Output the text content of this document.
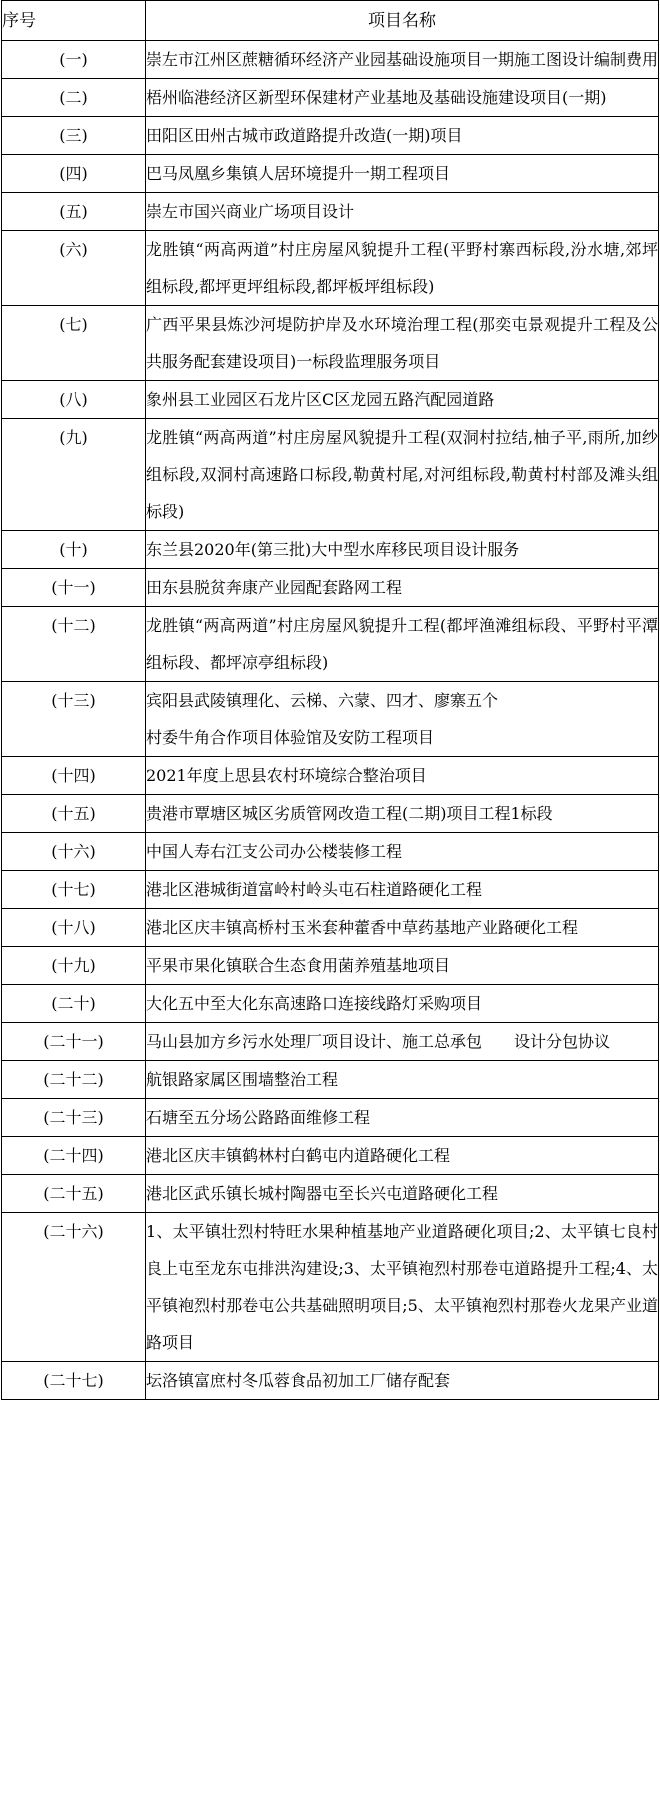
序号	项目名称
(一)	崇左市江州区蔗糖循环经济产业园基础设施项目一期施工图设计编制费用
(二)	梧州临港经济区新型环保建材产业基地及基础设施建设项目(一期)
(三)	田阳区田州古城市政道路提升改造(一期)项目
(四)	巴马凤凰乡集镇人居环境提升一期工程项目
(五)	崇左市国兴商业广场项目设计
(六)	龙胜镇“两高两道”村庄房屋风貌提升工程(平野村寨西标段,汾水塘,郊坪组标段,都坪更坪组标段,都坪板坪组标段)
(七)	广西平果县炼沙河堤防护岸及水环境治理工程(那奕屯景观提升工程及公共服务配套建设项目)一标段监理服务项目
(八)	象州县工业园区石龙片区C区龙园五路汽配园道路
(九)	龙胜镇“两高两道”村庄房屋风貌提升工程(双洞村拉结,柚子平,雨所,加纱组标段,双洞村高速路口标段,勒黄村尾,对河组标段,勒黄村村部及滩头组标段)
(十)	东兰县2020年(第三批)大中型水库移民项目设计服务
(十一)	田东县脱贫奔康产业园配套路网工程
(十二)	龙胜镇“两高两道”村庄房屋风貌提升工程(都坪渔滩组标段、平野村平潭组标段、都坪凉亭组标段)
(十三)	宾阳县武陵镇理化、云梯、六蒙、四才、廖寨五个
村委牛角合作项目体验馆及安防工程项目
(十四)	2021年度上思县农村环境综合整治项目
(十五)	贵港市覃塘区城区劣质管网改造工程(二期)项目工程1标段
(十六)	中国人寿右江支公司办公楼装修工程
(十七)	港北区港城街道富岭村岭头屯石柱道路硬化工程
(十八)	港北区庆丰镇高桥村玉米套种藿香中草药基地产业路硬化工程
(十九)	平果市果化镇联合生态食用菌养殖基地项目
(二十)	大化五中至大化东高速路口连接线路灯采购项目
(二十一)	马山县加方乡污水处理厂项目设计、施工总承包　　设计分包协议
(二十二)	航银路家属区围墙整治工程
(二十三)	石塘至五分场公路路面维修工程
(二十四)	港北区庆丰镇鹤林村白鹤屯内道路硬化工程
(二十五)	港北区武乐镇长城村陶器屯至长兴屯道路硬化工程
(二十六)	1、太平镇壮烈村特旺水果种植基地产业道路硬化项目;2、太平镇七良村良上屯至龙东屯排洪沟建设;3、太平镇袍烈村那卷屯道路提升工程;4、太平镇袍烈村那卷屯公共基础照明项目;5、太平镇袍烈村那卷火龙果产业道路项目
(二十七)	坛洛镇富庶村冬瓜蓉食品初加工厂储存配套
